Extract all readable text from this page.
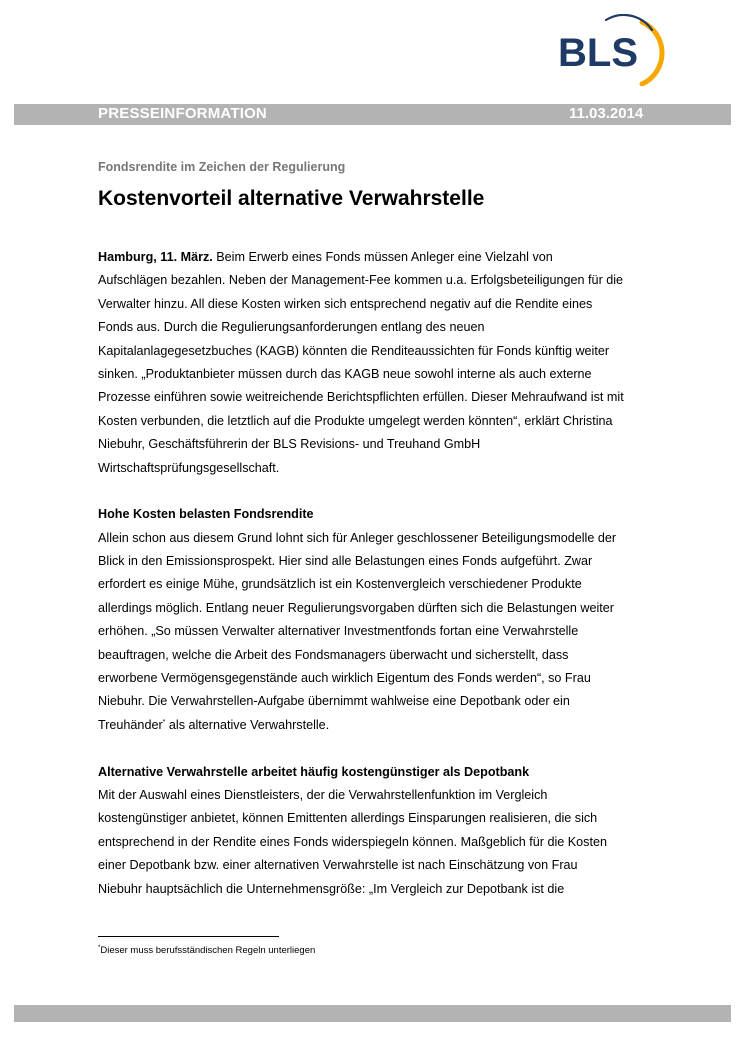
BLS
PRESSEINFORMATION	11.03.2014
Fondsrendite im Zeichen der Regulierung
Kostenvorteil alternative Verwahrstelle
Hamburg, 11. März. Beim Erwerb eines Fonds müssen Anleger eine Vielzahl von
Aufschlägen bezahlen. Neben der Management-Fee kommen u.a. Erfolgsbeteiligungen für die
Verwalter hinzu. All diese Kosten wirken sich entsprechend negativ auf die Rendite eines
Fonds aus. Durch die Regulierungsanforderungen entlang des neuen
Kapitalanlagegesetzbuches (KAGB) könnten die Renditeaussichten für Fonds künftig weiter
sinken. „Produktanbieter müssen durch das KAGB neue sowohl interne als auch externe
Prozesse einführen sowie weitreichende Berichtspflichten erfüllen. Dieser Mehraufwand ist mit
Kosten verbunden, die letztlich auf die Produkte umgelegt werden könnten“, erklärt Christina
Niebuhr, Geschäftsführerin der BLS Revisions- und Treuhand GmbH
Wirtschaftsprüfungsgesellschaft.
Hohe Kosten belasten Fondsrendite
Allein schon aus diesem Grund lohnt sich für Anleger geschlossener Beteiligungsmodelle der
Blick in den Emissionsprospekt. Hier sind alle Belastungen eines Fonds aufgeführt. Zwar
erfordert es einige Mühe, grundsätzlich ist ein Kostenvergleich verschiedener Produkte
allerdings möglich. Entlang neuer Regulierungsvorgaben dürften sich die Belastungen weiter
erhöhen. „So müssen Verwalter alternativer Investmentfonds fortan eine Verwahrstelle
beauftragen, welche die Arbeit des Fondsmanagers überwacht und sicherstellt, dass
erworbene Vermögensgegenstände auch wirklich Eigentum des Fonds werden“, so Frau
Niebuhr. Die Verwahrstellen-Aufgabe übernimmt wahlweise eine Depotbank oder ein
Treuhänder* als alternative Verwahrstelle.
Alternative Verwahrstelle arbeitet häufig kostengünstiger als Depotbank
Mit der Auswahl eines Dienstleisters, der die Verwahrstellenfunktion im Vergleich
kostengünstiger anbietet, können Emittenten allerdings Einsparungen realisieren, die sich
entsprechend in der Rendite eines Fonds widerspiegeln können. Maßgeblich für die Kosten
einer Depotbank bzw. einer alternativen Verwahrstelle ist nach Einschätzung von Frau
Niebuhr hauptsächlich die Unternehmensgröße: „Im Vergleich zur Depotbank ist die
*Dieser muss berufsständischen Regeln unterliegen
